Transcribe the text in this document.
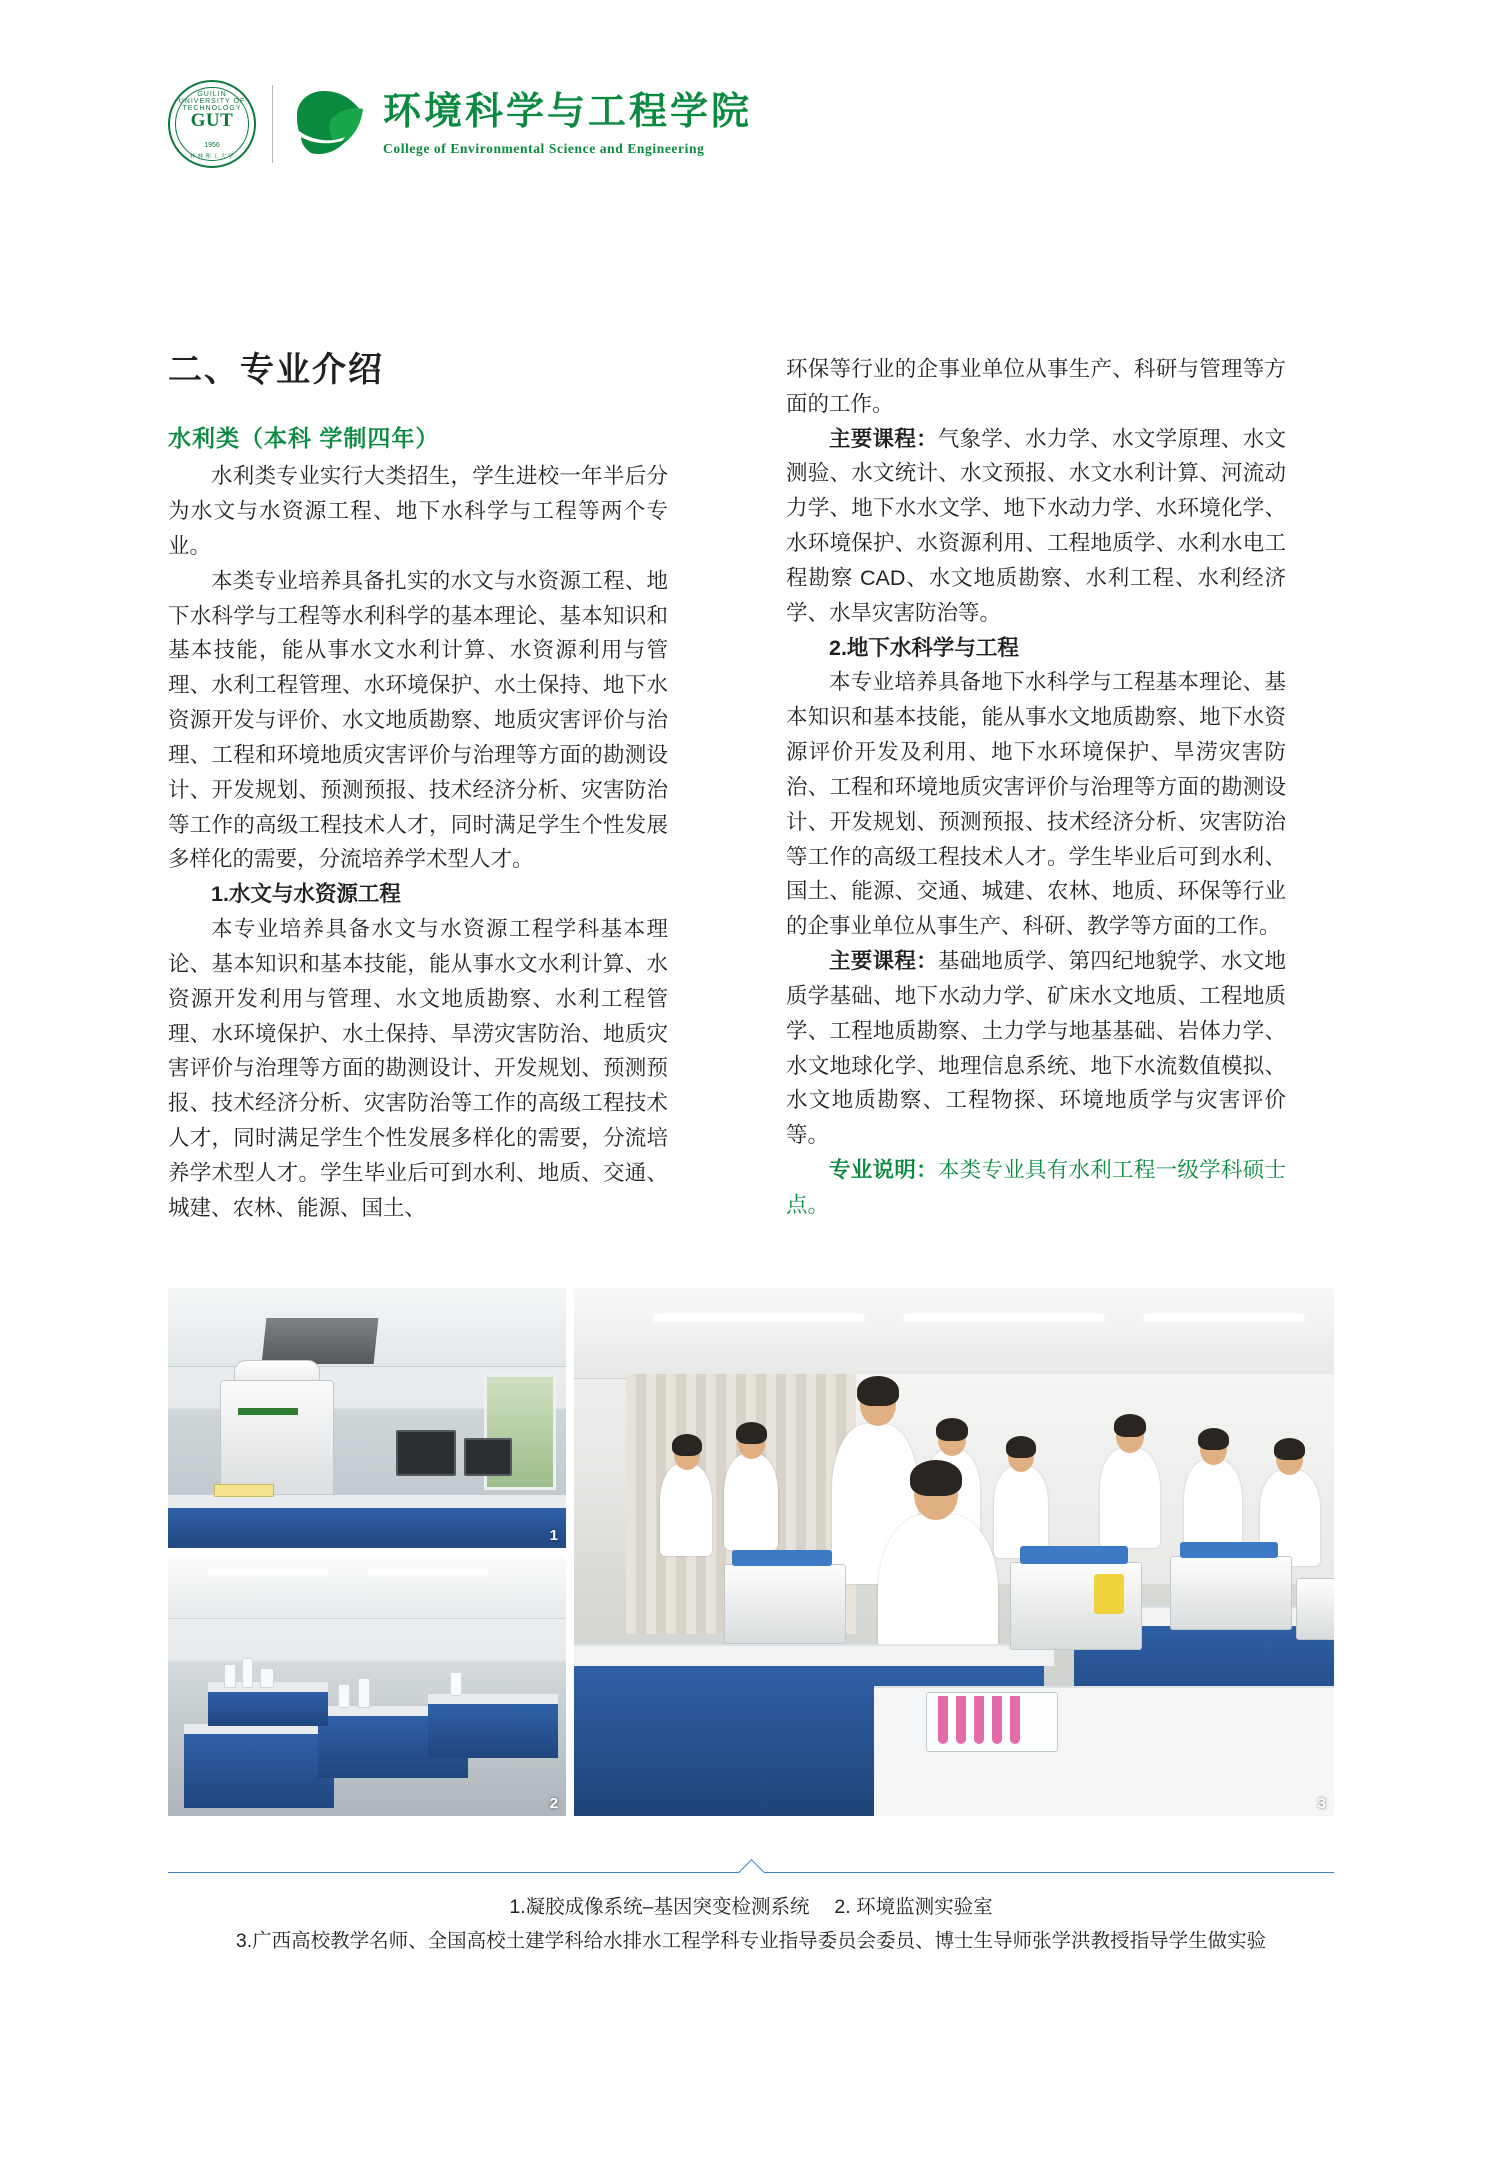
GUILIN UNIVERSITY OF TECHNOLOGY
GUT
1956
桂 林 理 工 大 学
环境科学与工程学院
College of Environmental Science and Engineering
二、专业介绍
水利类（本科 学制四年）

水利类专业实行大类招生，学生进校一年半后分为水文与水资源工程、地下水科学与工程等两个专业。

本类专业培养具备扎实的水文与水资源工程、地下水科学与工程等水利科学的基本理论、基本知识和基本技能，能从事水文水利计算、水资源利用与管理、水利工程管理、水环境保护、水土保持、地下水资源开发与评价、水文地质勘察、地质灾害评价与治理、工程和环境地质灾害评价与治理等方面的勘测设计、开发规划、预测预报、技术经济分析、灾害防治等工作的高级工程技术人才，同时满足学生个性发展多样化的需要，分流培养学术型人才。

1.水文与水资源工程

本专业培养具备水文与水资源工程学科基本理论、基本知识和基本技能，能从事水文水利计算、水资源开发利用与管理、水文地质勘察、水利工程管理、水环境保护、水土保持、旱涝灾害防治、地质灾害评价与治理等方面的勘测设计、开发规划、预测预报、技术经济分析、灾害防治等工作的高级工程技术人才，同时满足学生个性发展多样化的需要，分流培养学术型人才。学生毕业后可到水利、地质、交通、城建、农林、能源、国土、

环保等行业的企事业单位从事生产、科研与管理等方面的工作。

主要课程：气象学、水力学、水文学原理、水文测验、水文统计、水文预报、水文水利计算、河流动力学、地下水水文学、地下水动力学、水环境化学、水环境保护、水资源利用、工程地质学、水利水电工程勘察 CAD、水文地质勘察、水利工程、水利经济学、水旱灾害防治等。

2.地下水科学与工程

本专业培养具备地下水科学与工程基本理论、基本知识和基本技能，能从事水文地质勘察、地下水资源评价开发及利用、地下水环境保护、旱涝灾害防治、工程和环境地质灾害评价与治理等方面的勘测设计、开发规划、预测预报、技术经济分析、灾害防治等工作的高级工程技术人才。学生毕业后可到水利、国土、能源、交通、城建、农林、地质、环保等行业的企事业单位从事生产、科研、教学等方面的工作。

主要课程：基础地质学、第四纪地貌学、水文地质学基础、地下水动力学、矿床水文地质、工程地质学、工程地质勘察、土力学与地基基础、岩体力学、水文地球化学、地理信息系统、地下水流数值模拟、水文地质勘察、工程物探、环境地质学与灾害评价等。

专业说明：本类专业具有水利工程一级学科硕士点。

1
2	3
1.凝胶成像系统–基因突变检测系统　 2. 环境监测实验室
3.广西高校教学名师、全国高校土建学科给水排水工程学科专业指导委员会委员、博士生导师张学洪教授指导学生做实验
